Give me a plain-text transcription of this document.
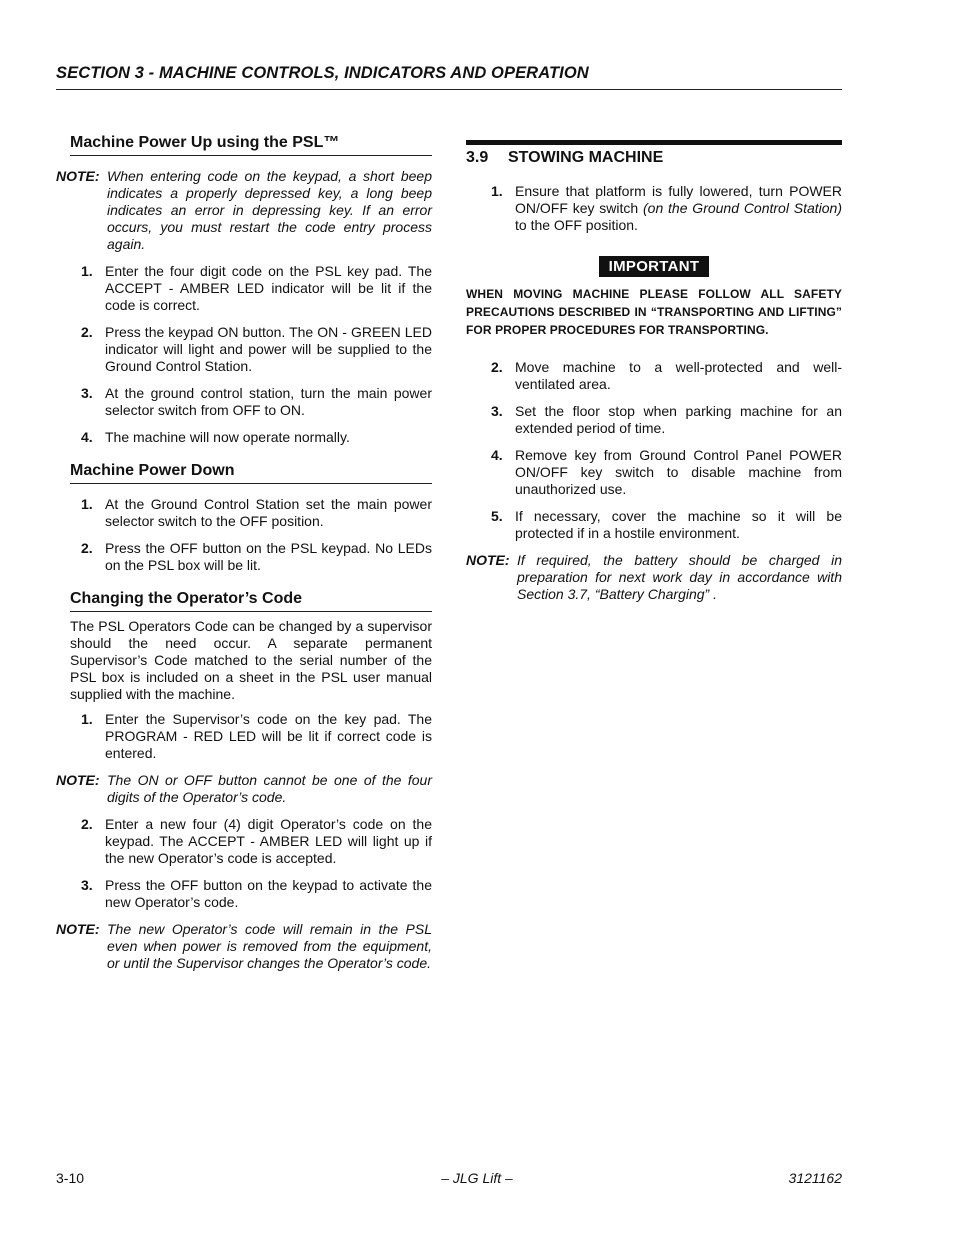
SECTION 3 - MACHINE CONTROLS, INDICATORS AND OPERATION
Machine Power Up using the PSL™
NOTE: When entering code on the keypad, a short beep indicates a properly depressed key, a long beep indicates an error in depressing key. If an error occurs, you must restart the code entry process again.
1. Enter the four digit code on the PSL key pad. The ACCEPT - AMBER LED indicator will be lit if the code is correct.
2. Press the keypad ON button. The ON - GREEN LED indicator will light and power will be supplied to the Ground Control Station.
3. At the ground control station, turn the main power selector switch from OFF to ON.
4. The machine will now operate normally.
Machine Power Down
1. At the Ground Control Station set the main power selector switch to the OFF position.
2. Press the OFF button on the PSL keypad. No LEDs on the PSL box will be lit.
Changing the Operator’s Code
The PSL Operators Code can be changed by a supervisor should the need occur. A separate permanent Supervisor’s Code matched to the serial number of the PSL box is included on a sheet in the PSL user manual supplied with the machine.
1. Enter the Supervisor’s code on the key pad. The PROGRAM - RED LED will be lit if correct code is entered.
NOTE: The ON or OFF button cannot be one of the four digits of the Operator’s code.
2. Enter a new four (4) digit Operator’s code on the keypad. The ACCEPT - AMBER LED will light up if the new Operator’s code is accepted.
3. Press the OFF button on the keypad to activate the new Operator’s code.
NOTE: The new Operator’s code will remain in the PSL even when power is removed from the equipment, or until the Supervisor changes the Operator’s code.
3.9 STOWING MACHINE
1. Ensure that platform is fully lowered, turn POWER ON/OFF key switch (on the Ground Control Station) to the OFF position.
IMPORTANT
WHEN MOVING MACHINE PLEASE FOLLOW ALL SAFETY PRECAUTIONS DESCRIBED IN “TRANSPORTING AND LIFTING” FOR PROPER PROCEDURES FOR TRANSPORTING.
2. Move machine to a well-protected and well-ventilated area.
3. Set the floor stop when parking machine for an extended period of time.
4. Remove key from Ground Control Panel POWER ON/OFF key switch to disable machine from unauthorized use.
5. If necessary, cover the machine so it will be protected if in a hostile environment.
NOTE: If required, the battery should be charged in preparation for next work day in accordance with Section 3.7, “Battery Charging” .
3-10	– JLG Lift –	3121162
